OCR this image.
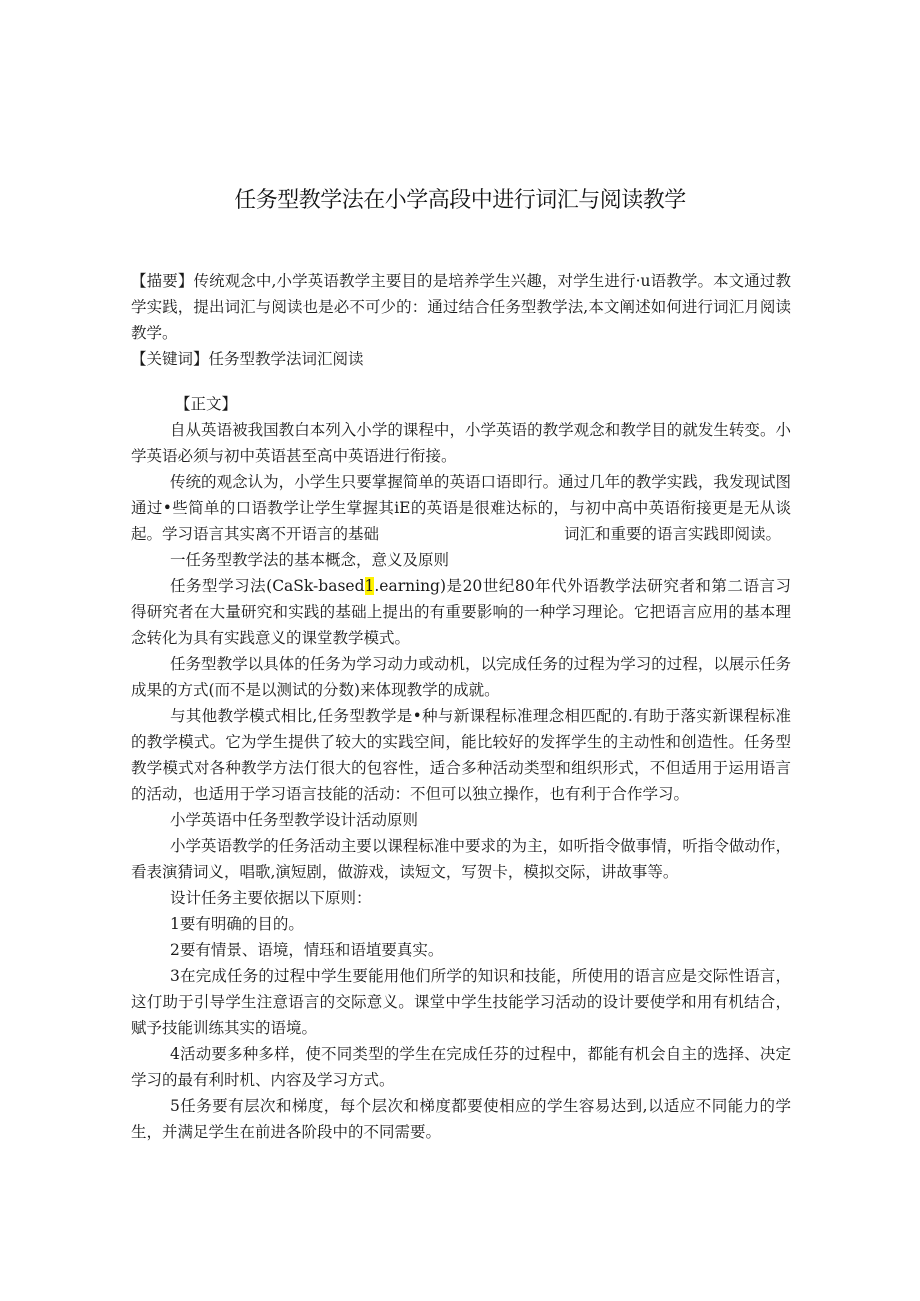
任务型教学法在小学高段中进行词汇与阅读教学

【描要】传统观念中,小学英语教学主要目的是培养学生兴趣，对学生进行·u语教学。本文通过教学实践，提出词汇与阅读也是必不可少的：通过结合任务型教学法,本文阐述如何进行词汇月阅读教学。

【关键词】任务型教学法词汇阅读

【正文】

自从英语被我国教白本列入小学的课程中，小学英语的教学观念和教学目的就发生转变。小学英语必须与初中英语甚至高中英语进行衔接。

传统的观念认为，小学生只要掌握简单的英语口语即行。通过几年的教学实践，我发现试图通过•些简单的口语教学让学生掌握其iE的英语是很难达标的，与初中高中英语衔接更是无从谈起。学习语言其实离不开语言的基础	词汇和重要的语言实践即阅读。

一任务型教学法的基本概念，意义及原则

任务型学习法(CaSk-based1.earning)是20世纪80年代外语教学法研究者和第二语言习得研究者在大量研究和实践的基础上提出的有重要影响的一种学习理论。它把语言应用的基本理念转化为具有实践意义的课堂教学模式。

任务型教学以具体的任务为学习动力或动机，以完成任务的过程为学习的过程，以展示任务成果的方式(而不是以测试的分数)来体现教学的成就。

与其他教学模式相比,任务型教学是•种与新课程标准理念相匹配的.有助于落实新课程标准的教学模式。它为学生提供了较大的实践空间，能比较好的发挥学生的主动性和创造性。任务型教学模式对各种教学方法仃很大的包容性，适合多种活动类型和组织形式，不但适用于运用语言的活动，也适用于学习语言技能的活动：不但可以独立操作，也有利于合作学习。

小学英语中任务型教学设计活动原则

小学英语教学的任务活动主要以课程标准中要求的为主，如听指令做事情，听指令做动作，看表演猜词义，唱歌,演短剧，做游戏，读短文，写贺卡，模拟交际，讲故事等。

设计任务主要依据以下原则：

1要有明确的目的。

2要有情景、语境，情珏和语埴要真实。

3在完成任务的过程中学生要能用他们所学的知识和技能，所使用的语言应是交际性语言，这仃助于引导学生注意语言的交际意义。课堂中学生技能学习活动的设计要使学和用有机结合，赋予技能训练其实的语境。

4活动要多种多样，使不同类型的学生在完成任芬的过程中，都能有机会自主的选择、决定学习的最有利时机、内容及学习方式。

5任务要有层次和梯度，每个层次和梯度都要使相应的学生容易达到,以适应不同能力的学生，并满足学生在前进各阶段中的不同需要。
